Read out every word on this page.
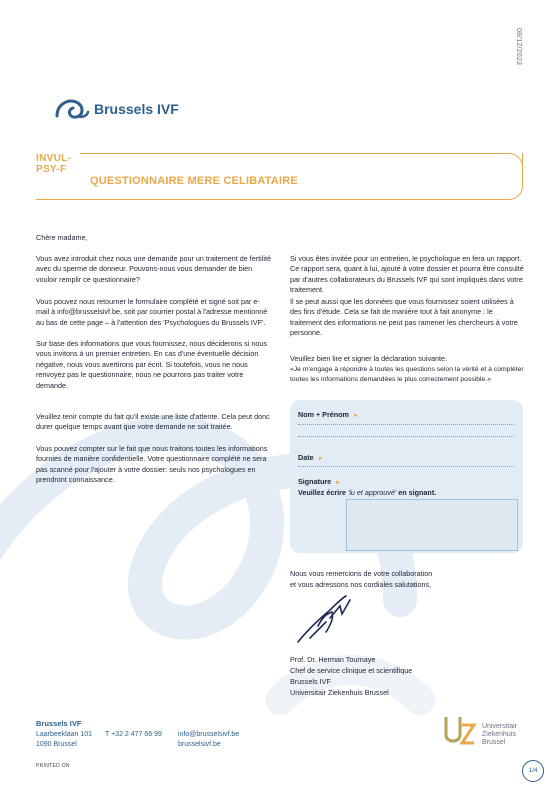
08/12/2023
Brussels IVF
INVUL-
PSY-F
QUESTIONNAIRE MERE CELIBATAIRE
Chère madame,
Vous avez introduit chez nous une demande pour un traitement de fertilité avec du sperme de donneur. Pouvons-nous vous demander de bien vouloir remplir ce questionnaire?
Vous pouvez nous retourner le formulaire complété et signé soit par e-mail à info@brusselsivf.be, soit par courrier postal à l'adresse mentionné au bas de cette page – à l'attention des 'Psychologues du Brussels IVF'.
Sur base des informations que vous fournissez, nous déciderons si nous vous invitons à un premier entretien. En cas d'une éventuelle décision négative, nous vous avertirons par écrit. Si toutefois, vous ne nous renvoyez pas le questionnaire, nous ne pourrons pas traiter votre demande.
Veuillez tenir compte du fait qu'il existe une liste d'attente. Cela peut donc durer quelque temps avant que votre demande ne soit traitée.
Vous pouvez compter sur le fait que nous traitons toutes les informations fournies de manière confidentielle. Votre questionnaire complété ne sera pas scanné pour l'ajouter à votre dossier: seuls nos psychologues en prendront connaissance.
Si vous êtes invitée pour un entretien, le psychologue en fera un rapport. Ce rapport sera, quant à lui, ajouté à votre dossier et pourra être consulté par d'autres collaborateurs du Brussels IVF qui sont impliqués dans votre traitement.
Il se peut aussi que les données que vous fournissez soient utilisées à des fins d'étude. Cela se fait de manière tout à fait anonyme : le traitement des informations ne peut pas ramener les chercheurs à votre personne.
Veuillez bien lire et signer la déclaration suivante.
«Je m'engage à répondre à toutes les questions selon la vérité et à compléter toutes les informations demandées le plus correctement possible.»
Nom + Prénom ►
Date ►
Signature ►
Veuillez écrire 'lu et approuvé' en signant.
Nous vous remercions de votre collaboration
et vous adressons nos cordiales salutations,
Prof. Dr. Herman Tournaye
Chef de service clinique et scientifique
Brussels IVF
Universitair Ziekenhuis Brussel
Brussels IVF
Laarbeeklaan 101
1090 Brussel
T +32 2 477 66 99 info@brusselsivf.be
brusselsivf.be
PRINTED ON
Universitair
Ziekenhuis
Brussel
1/4
